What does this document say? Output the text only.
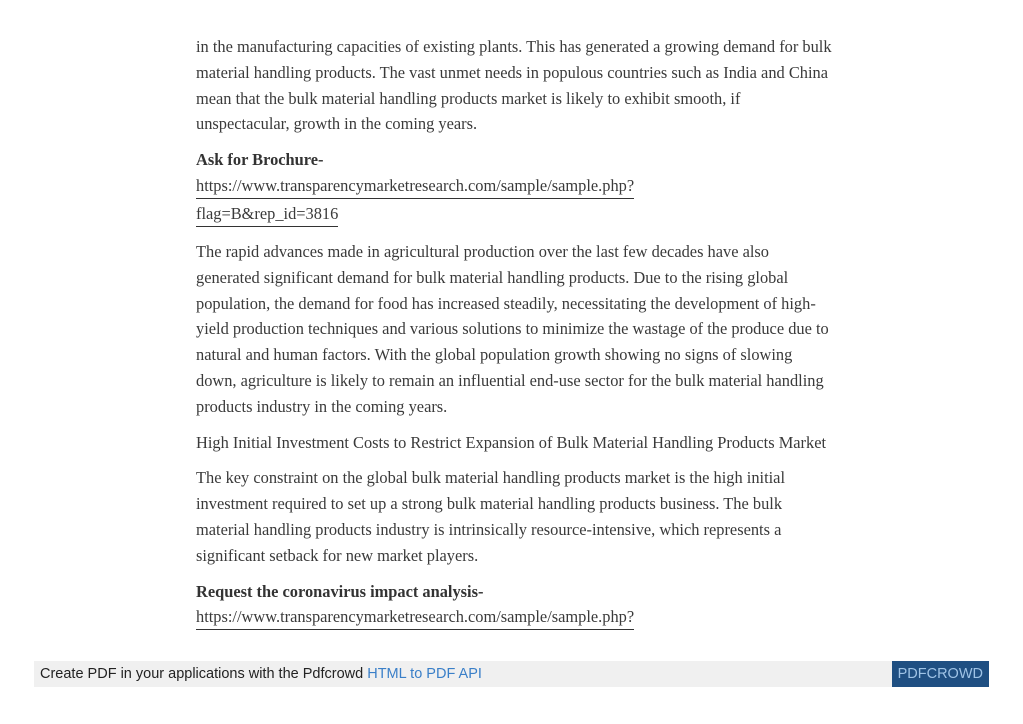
in the manufacturing capacities of existing plants. This has generated a growing demand for bulk material handling products. The vast unmet needs in populous countries such as India and China mean that the bulk material handling products market is likely to exhibit smooth, if unspectacular, growth in the coming years.

Ask for Brochure-

https://www.transparencymarketresearch.com/sample/sample.php?
flag=B&rep_id=3816

The rapid advances made in agricultural production over the last few decades have also generated significant demand for bulk material handling products. Due to the rising global population, the demand for food has increased steadily, necessitating the development of high-yield production techniques and various solutions to minimize the wastage of the produce due to natural and human factors. With the global population growth showing no signs of slowing down, agriculture is likely to remain an influential end-use sector for the bulk material handling products industry in the coming years.

High Initial Investment Costs to Restrict Expansion of Bulk Material Handling Products Market

The key constraint on the global bulk material handling products market is the high initial investment required to set up a strong bulk material handling products business. The bulk material handling products industry is intrinsically resource-intensive, which represents a significant setback for new market players.

Request the coronavirus impact analysis-

https://www.transparencymarketresearch.com/sample/sample.php?
Create PDF in your applications with the Pdfcrowd HTML to PDF API	PDFCROWD
